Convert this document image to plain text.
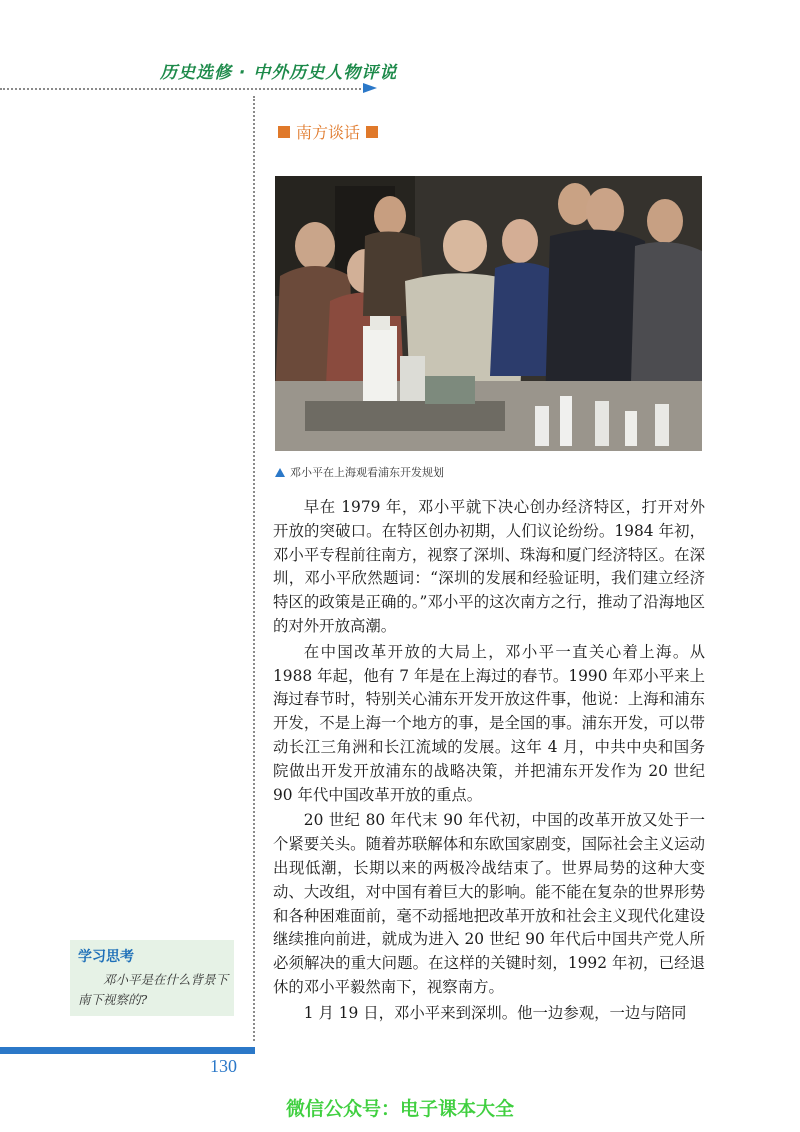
历史选修 · 中外历史人物评说
南方谈话
邓小平在上海观看浦东开发规划

早在 1979 年，邓小平就下决心创办经济特区，打开对外开放的突破口。在特区创办初期，人们议论纷纷。1984 年初，邓小平专程前往南方，视察了深圳、珠海和厦门经济特区。在深圳，邓小平欣然题词：“深圳的发展和经验证明，我们建立经济特区的政策是正确的。”邓小平的这次南方之行，推动了沿海地区的对外开放高潮。

在中国改革开放的大局上，邓小平一直关心着上海。从 1988 年起，他有 7 年是在上海过的春节。1990 年邓小平来上海过春节时，特别关心浦东开发开放这件事，他说：上海和浦东开发，不是上海一个地方的事，是全国的事。浦东开发，可以带动长江三角洲和长江流域的发展。这年 4 月，中共中央和国务院做出开发开放浦东的战略决策，并把浦东开发作为 20 世纪 90 年代中国改革开放的重点。

20 世纪 80 年代末 90 年代初，中国的改革开放又处于一个紧要关头。随着苏联解体和东欧国家剧变，国际社会主义运动出现低潮，长期以来的两极冷战结束了。世界局势的这种大变动、大改组，对中国有着巨大的影响。能不能在复杂的世界形势和各种困难面前，毫不动摇地把改革开放和社会主义现代化建设继续推向前进，就成为进入 20 世纪 90 年代后中国共产党人所必须解决的重大问题。在这样的关键时刻，1992 年初，已经退休的邓小平毅然南下，视察南方。

1 月 19 日，邓小平来到深圳。他一边参观，一边与陪同

学习思考
邓小平是在什么背景下南下视察的?
130
微信公众号：电子课本大全
